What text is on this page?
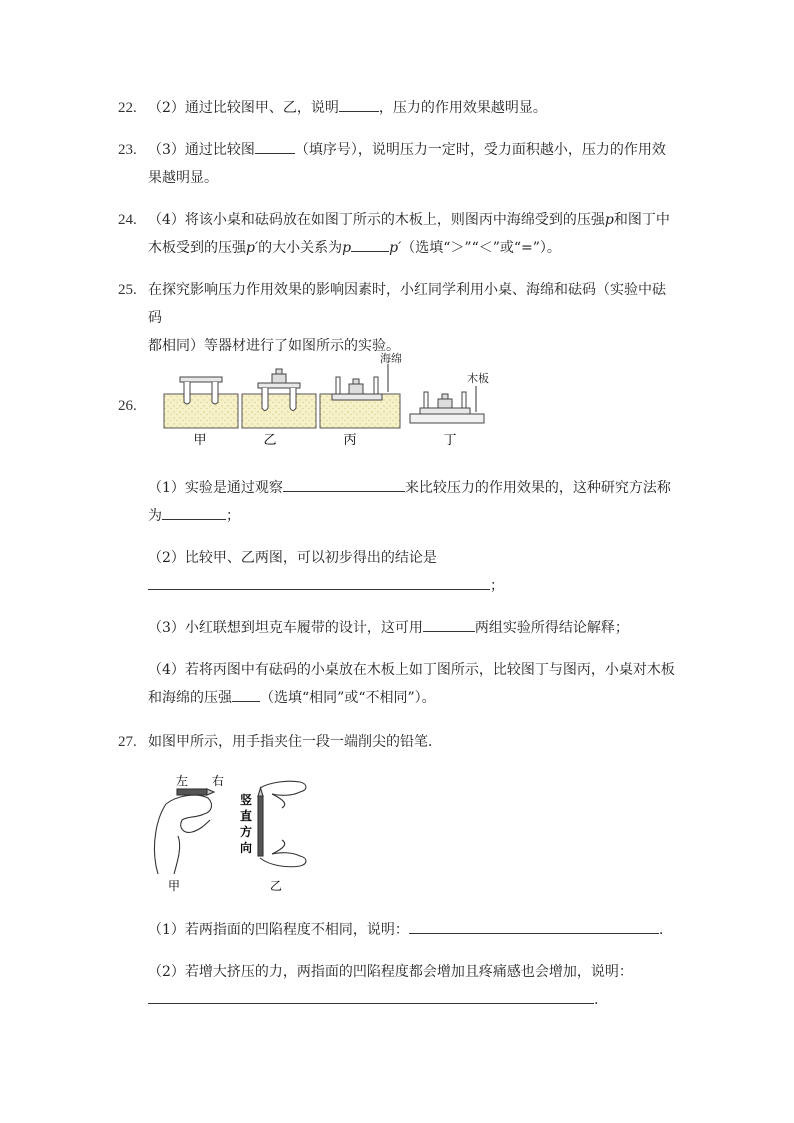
22. （2）通过比较图甲、乙，说明	，压力的作用效果越明显。
23. （3）通过比较图	（填序号），说明压力一定时，受力面积越小，压力的作用效
果越明显。
24. （4）将该小桌和砝码放在如图丁所示的木板上，则图丙中海绵受到的压强p和图丁中
木板受到的压强p′的大小关系为p	p′（选填“＞”“＜”或“=”）。
25. 在探究影响压力作用效果的影响因素时，小红同学利用小桌、海绵和砝码（实验中砝码
都相同）等器材进行了如图所示的实验。
26.
海绵
木板
甲	乙	丙	丁
（1）实验是通过观察	来比较压力的作用效果的，这种研究方法称
为	；
（2）比较甲、乙两图，可以初步得出的结论是
；
（3）小红联想到坦克车履带的设计，这可用	两组实验所得结论解释；
（4）若将丙图中有砝码的小桌放在木板上如丁图所示，比较图丁与图丙，小桌对木板
和海绵的压强 （选填“相同”或“不相同”）。
27. 如图甲所示，用手指夹住一段一端削尖的铅笔．
左 右
甲
竖
直
方
向
乙
（1）若两指面的凹陷程度不相同，说明：	.
（2）若增大挤压的力，两指面的凹陷程度都会增加且疼痛感也会增加，说明：
.
